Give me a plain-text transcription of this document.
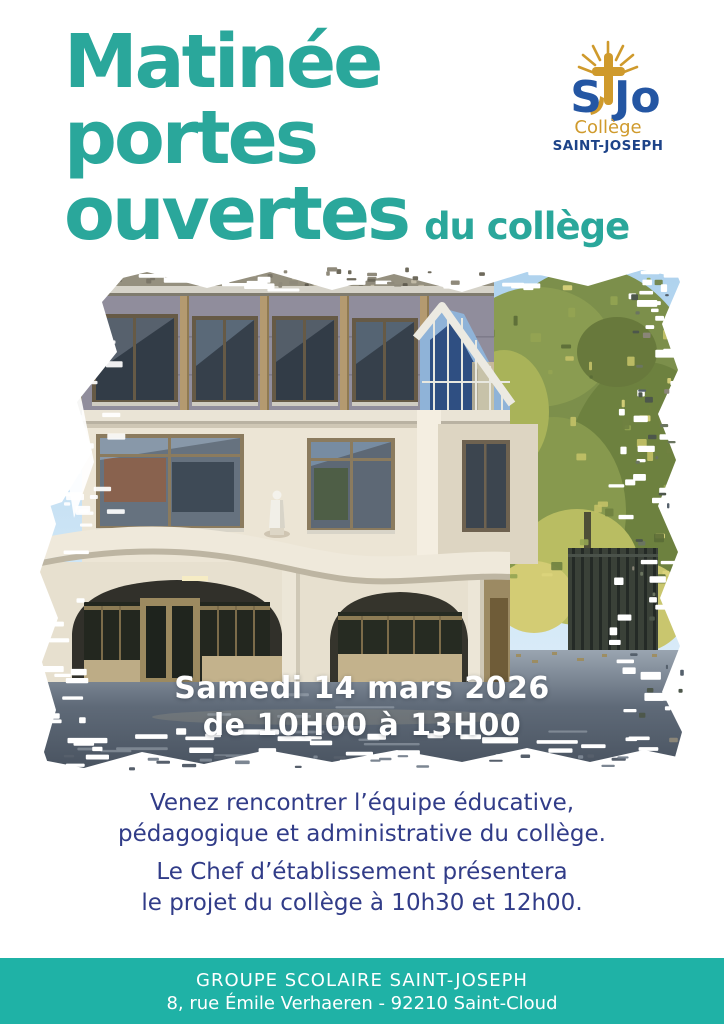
Matinée
portes
ouvertes du collège
S Jo
Collège
SAINT-JOSEPH
Samedi 14 mars 2026
de 10H00 à 13H00
Venez rencontrer l’équipe éducative,
pédagogique et administrative du collège.
Le Chef d’établissement présentera
le projet du collège à 10h30 et 12h00.
GROUPE SCOLAIRE SAINT-JOSEPH
8, rue Émile Verhaeren - 92210 Saint-Cloud
